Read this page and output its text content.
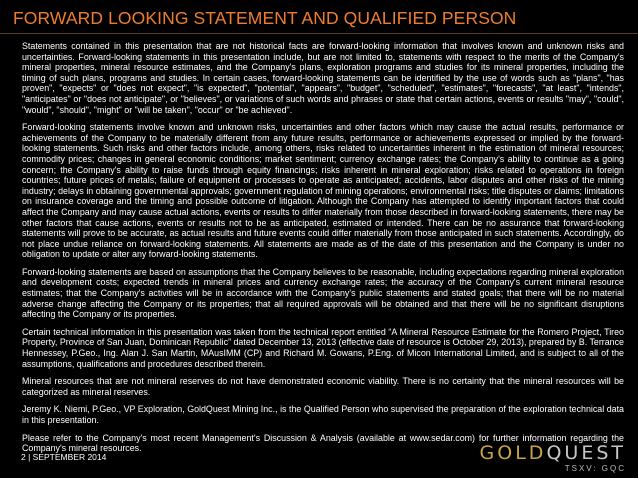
FORWARD LOOKING STATEMENT AND QUALIFIED PERSON

Statements contained in this presentation that are not historical facts are forward-looking information that involves known and unknown risks and uncertainties. Forward-looking statements in this presentation include, but are not limited to, statements with respect to the merits of the Company's mineral properties, mineral resource estimates, and the Company's plans, exploration programs and studies for its mineral properties, including the timing of such plans, programs and studies. In certain cases, forward-looking statements can be identified by the use of words such as "plans", "has proven", "expects" or "does not expect", "is expected", "potential", "appears", "budget", "scheduled", "estimates", "forecasts", "at least", "intends", "anticipates" or "does not anticipate", or "believes", or variations of such words and phrases or state that certain actions, events or results "may", "could", "would", "should", "might" or "will be taken", "occur" or "be achieved".

Forward-looking statements involve known and unknown risks, uncertainties and other factors which may cause the actual results, performance or achievements of the Company to be materially different from any future results, performance or achievements expressed or implied by the forward-looking statements. Such risks and other factors include, among others, risks related to uncertainties inherent in the estimation of mineral resources; commodity prices; changes in general economic conditions; market sentiment; currency exchange rates; the Company's ability to continue as a going concern; the Company's ability to raise funds through equity financings; risks inherent in mineral exploration; risks related to operations in foreign countries; future prices of metals; failure of equipment or processes to operate as anticipated; accidents, labor disputes and other risks of the mining industry; delays in obtaining governmental approvals; government regulation of mining operations; environmental risks; title disputes or claims; limitations on insurance coverage and the timing and possible outcome of litigation. Although the Company has attempted to identify important factors that could affect the Company and may cause actual actions, events or results to differ materially from those described in forward-looking statements, there may be other factors that cause actions, events or results not to be as anticipated, estimated or intended. There can be no assurance that forward-looking statements will prove to be accurate, as actual results and future events could differ materially from those anticipated in such statements. Accordingly, do not place undue reliance on forward-looking statements. All statements are made as of the date of this presentation and the Company is under no obligation to update or alter any forward-looking statements.

Forward-looking statements are based on assumptions that the Company believes to be reasonable, including expectations regarding mineral exploration and development costs; expected trends in mineral prices and currency exchange rates; the accuracy of the Company's current mineral resource estimates; that the Company's activities will be in accordance with the Company's public statements and stated goals; that there will be no material adverse change affecting the Company or its properties; that all required approvals will be obtained and that there will be no significant disruptions affecting the Company or its properties.

Certain technical information in this presentation was taken from the technical report entitled “A Mineral Resource Estimate for the Romero Project, Tireo Property, Province of San Juan, Dominican Republic” dated December 13, 2013 (effective date of resource is October 29, 2013), prepared by B. Terrance Hennessey, P.Geo., Ing. Alan J. San Martin, MAusIMM (CP) and Richard M. Gowans, P.Eng. of Micon International Limited, and is subject to all of the assumptions, qualifications and procedures described therein.

Mineral resources that are not mineral reserves do not have demonstrated economic viability. There is no certainty that the mineral resources will be categorized as mineral reserves.

Jeremy K. Niemi, P.Geo., VP Exploration, GoldQuest Mining Inc., is the Qualified Person who supervised the preparation of the exploration technical data in this presentation.

Please refer to the Company's most recent Management's Discussion & Analysis (available at www.sedar.com) for further information regarding the Company's mineral resources.

2 | SEPTEMBER 2014	GOLDQUEST
TSXV: GQC
